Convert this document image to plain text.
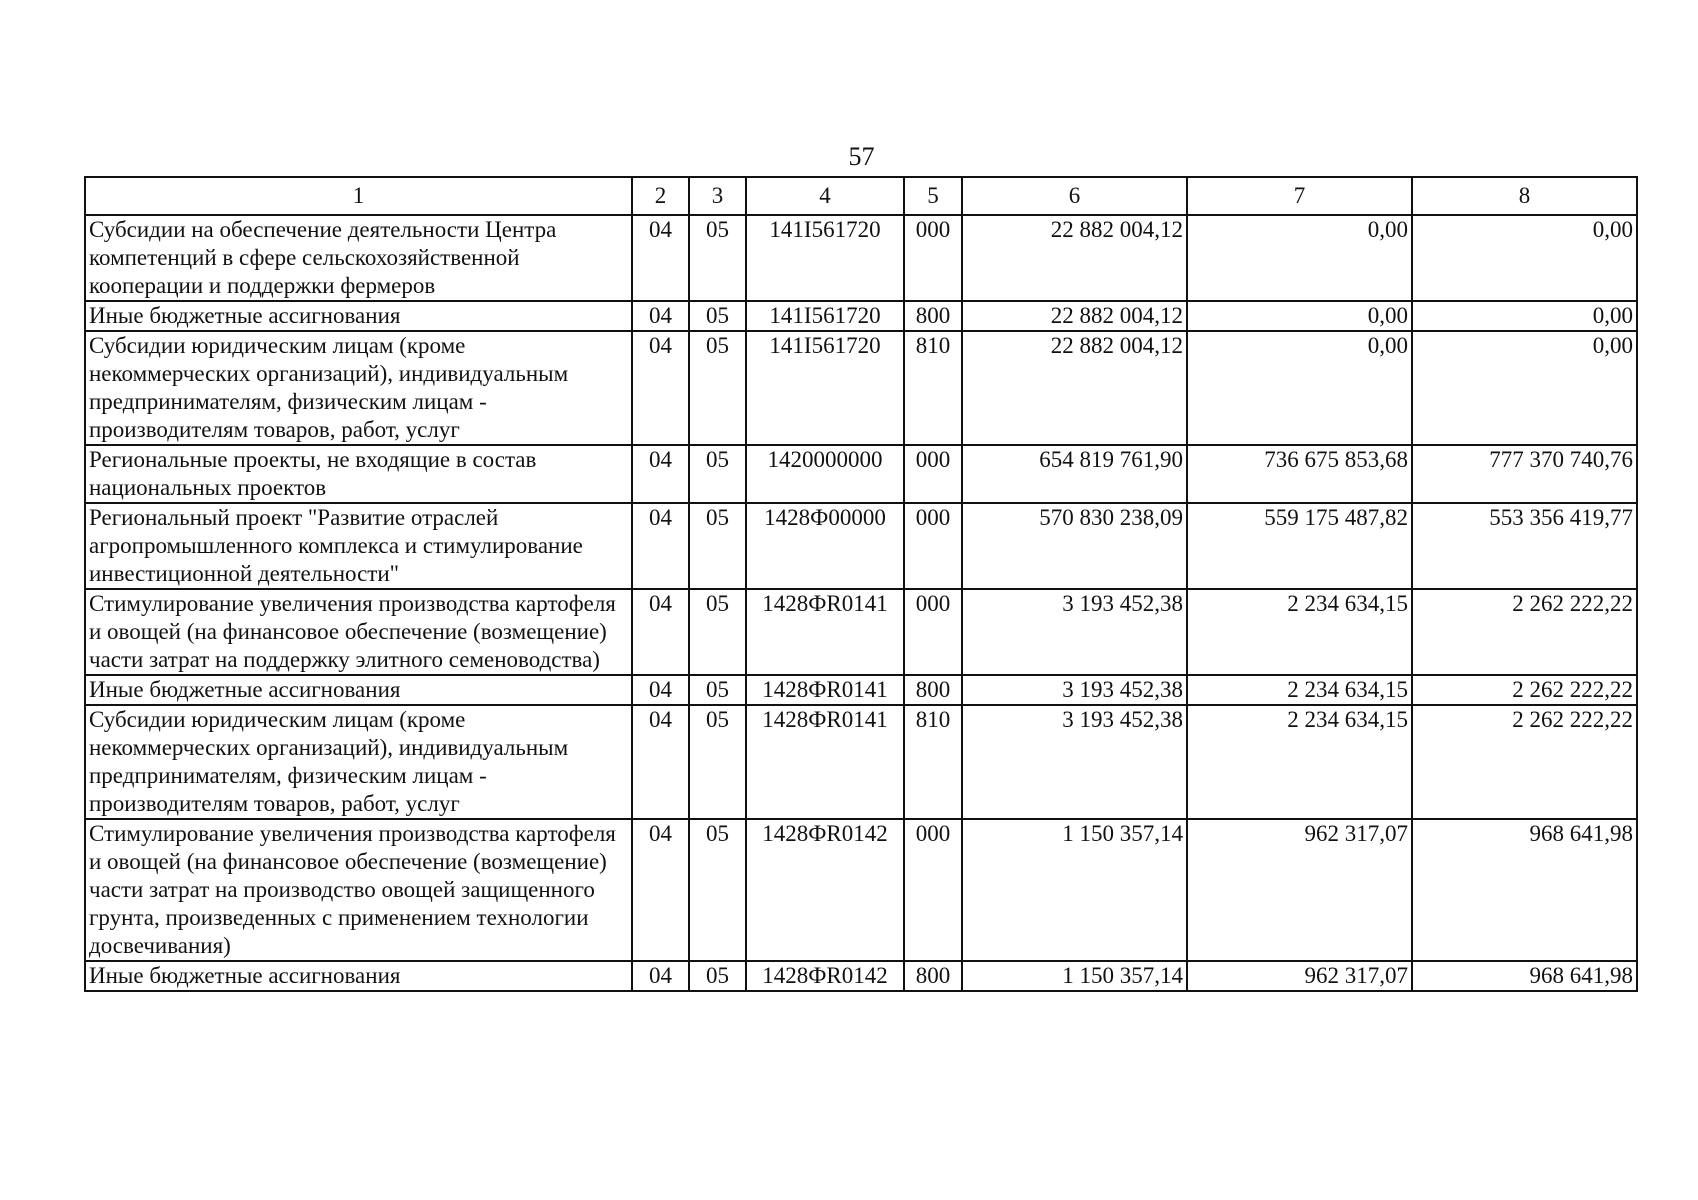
57
1	2	3	4	5	6	7	8
Субсидии на обеспечение деятельности Центра компетенций в сфере сельскохозяйственной кооперации и поддержки фермеров	04	05	141I561720	000	22 882 004,12	0,00	0,00
Иные бюджетные ассигнования	04	05	141I561720	800	22 882 004,12	0,00	0,00
Субсидии юридическим лицам (кроме некоммерческих организаций), индивидуальным предпринимателям, физическим лицам - производителям товаров, работ, услуг	04	05	141I561720	810	22 882 004,12	0,00	0,00
Региональные проекты, не входящие в состав национальных проектов	04	05	1420000000	000	654 819 761,90	736 675 853,68	777 370 740,76
Региональный проект "Развитие отраслей агропромышленного комплекса и стимулирование инвестиционной деятельности"	04	05	1428Ф00000	000	570 830 238,09	559 175 487,82	553 356 419,77
Стимулирование увеличения производства картофеля и овощей (на финансовое обеспечение (возмещение) части затрат на поддержку элитного семеноводства)	04	05	1428ФR0141	000	3 193 452,38	2 234 634,15	2 262 222,22
Иные бюджетные ассигнования	04	05	1428ФR0141	800	3 193 452,38	2 234 634,15	2 262 222,22
Субсидии юридическим лицам (кроме некоммерческих организаций), индивидуальным предпринимателям, физическим лицам - производителям товаров, работ, услуг	04	05	1428ФR0141	810	3 193 452,38	2 234 634,15	2 262 222,22
Стимулирование увеличения производства картофеля и овощей (на финансовое обеспечение (возмещение) части затрат на производство овощей защищенного грунта, произведенных с применением технологии досвечивания)	04	05	1428ФR0142	000	1 150 357,14	962 317,07	968 641,98
Иные бюджетные ассигнования	04	05	1428ФR0142	800	1 150 357,14	962 317,07	968 641,98
